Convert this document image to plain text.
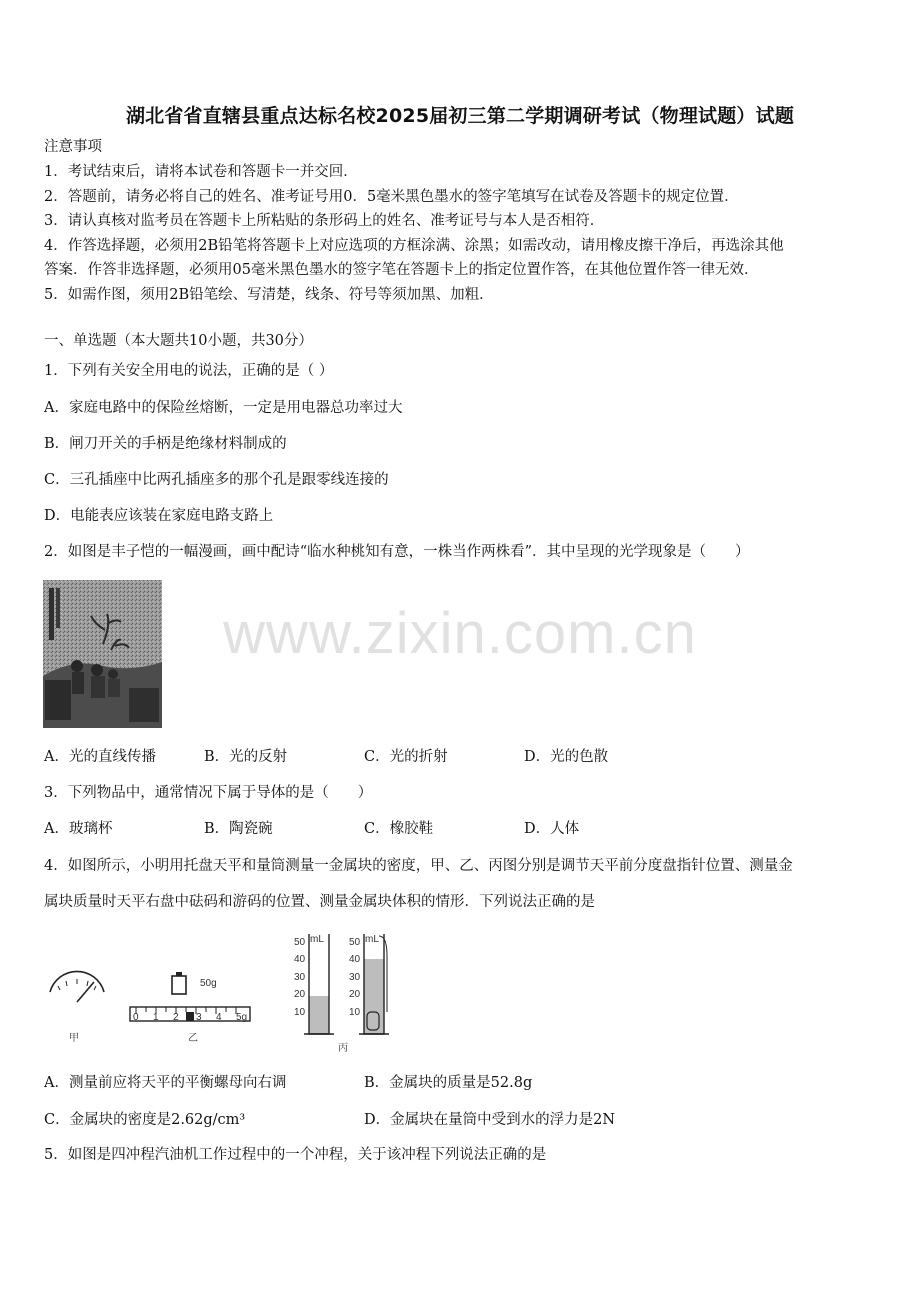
湖北省省直辖县重点达标名校2025届初三第二学期调研考试（物理试题）试题
注意事项
1．考试结束后，请将本试卷和答题卡一并交回．
2．答题前，请务必将自己的姓名、准考证号用0．5毫米黑色墨水的签字笔填写在试卷及答题卡的规定位置．
3．请认真核对监考员在答题卡上所粘贴的条形码上的姓名、准考证号与本人是否相符．
4．作答选择题，必须用2B铅笔将答题卡上对应选项的方框涂满、涂黑；如需改动，请用橡皮擦干净后，再选涂其他
答案．作答非选择题，必须用05毫米黑色墨水的签字笔在答题卡上的指定位置作答，在其他位置作答一律无效．
5．如需作图，须用2B铅笔绘、写清楚，线条、符号等须加黑、加粗．
一、单选题（本大题共10小题，共30分）
1．下列有关安全用电的说法，正确的是（ ）
A．家庭电路中的保险丝熔断，一定是用电器总功率过大
B．闸刀开关的手柄是绝缘材料制成的
C．三孔插座中比两孔插座多的那个孔是跟零线连接的
D．电能表应该装在家庭电路支路上
2．如图是丰子恺的一幅漫画，画中配诗“临水种桃知有意，一株当作两株看”．其中呈现的光学现象是（　　）
www.zixin.com.cn
A．光的直线传播	B．光的反射	C．光的折射	D．光的色散
3．下列物品中，通常情况下属于导体的是（　　）
A．玻璃杯	B．陶瓷碗	C．橡胶鞋	D．人体
4．如图所示，小明用托盘天平和量筒测量一金属块的密度，甲、乙、丙图分别是调节天平前分度盘指针位置、测量金
属块质量时天平右盘中砝码和游码的位置、测量金属块体积的情形．下列说法正确的是
甲
50g
0 1 2 3 4 5g
乙
mL
50
40
30
20
10
mL
50
40
30
20
10
丙
A．测量前应将天平的平衡螺母向右调	B．金属块的质量是52.8g
C．金属块的密度是2.62g/cm³	D．金属块在量筒中受到水的浮力是2N
5．如图是四冲程汽油机工作过程中的一个冲程，关于该冲程下列说法正确的是
